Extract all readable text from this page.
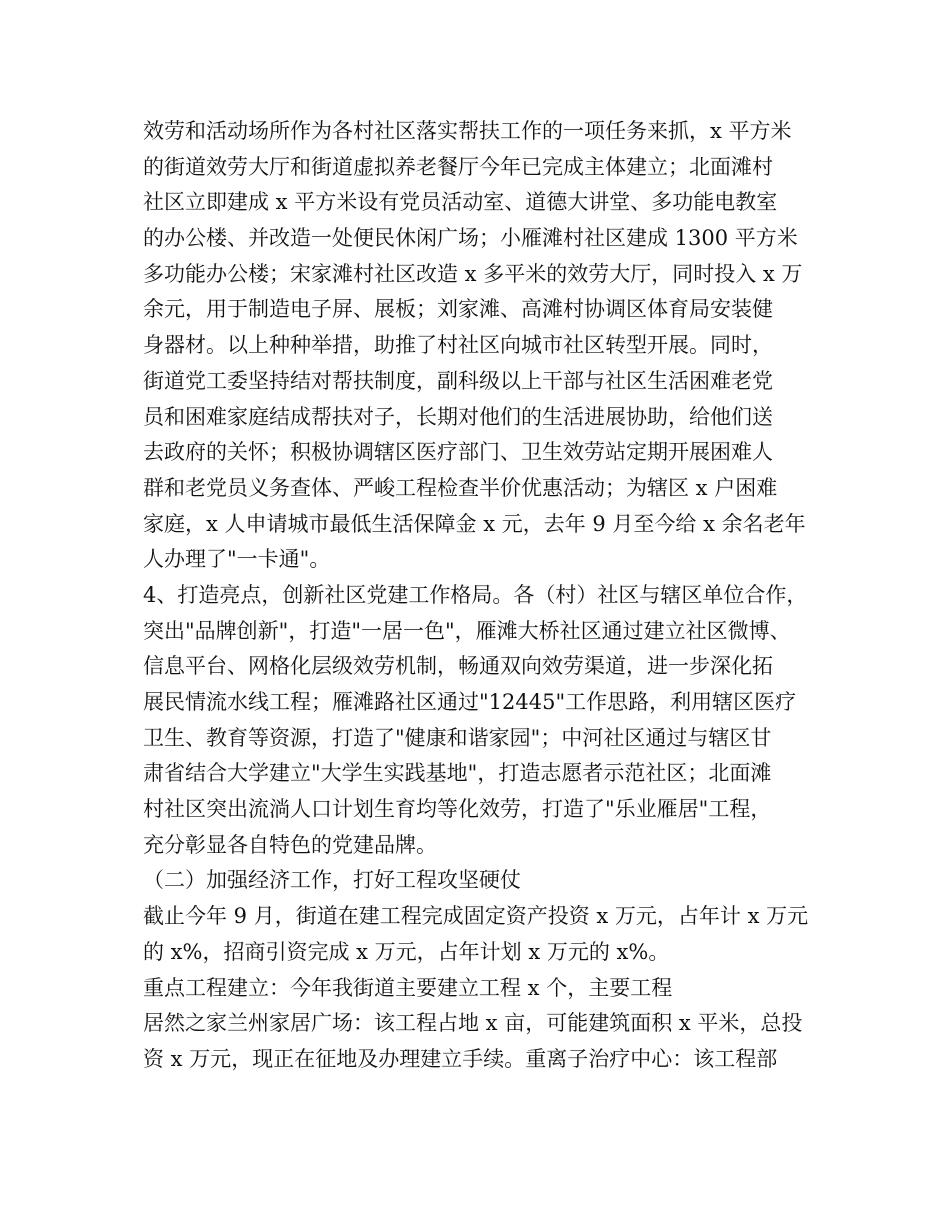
效劳和活动场所作为各村社区落实帮扶工作的一项任务来抓，x 平方米
的街道效劳大厅和街道虚拟养老餐厅今年已完成主体建立；北面滩村
社区立即建成 x 平方米设有党员活动室、道德大讲堂、多功能电教室
的办公楼、并改造一处便民休闲广场；小雁滩村社区建成 1300 平方米
多功能办公楼；宋家滩村社区改造 x 多平米的效劳大厅，同时投入 x 万
余元，用于制造电子屏、展板；刘家滩、高滩村协调区体育局安装健
身器材。以上种种举措，助推了村社区向城市社区转型开展。同时，
街道党工委坚持结对帮扶制度，副科级以上干部与社区生活困难老党
员和困难家庭结成帮扶对子，长期对他们的生活进展协助，给他们送
去政府的关怀；积极协调辖区医疗部门、卫生效劳站定期开展困难人
群和老党员义务查体、严峻工程检查半价优惠活动；为辖区 x 户困难
家庭，x 人申请城市最低生活保障金 x 元，去年 9 月至今给 x 余名老年
人办理了"一卡通"。
4、打造亮点，创新社区党建工作格局。各（村）社区与辖区单位合作，
突出"品牌创新"，打造"一居一色"，雁滩大桥社区通过建立社区微博、
信息平台、网格化层级效劳机制，畅通双向效劳渠道，进一步深化拓
展民情流水线工程；雁滩路社区通过"12445"工作思路，利用辖区医疗
卫生、教育等资源，打造了"健康和谐家园"；中河社区通过与辖区甘
肃省结合大学建立"大学生实践基地"，打造志愿者示范社区；北面滩
村社区突出流淌人口计划生育均等化效劳，打造了"乐业雁居"工程，
充分彰显各自特色的党建品牌。
（二）加强经济工作，打好工程攻坚硬仗
截止今年 9 月，街道在建工程完成固定资产投资 x 万元，占年计 x 万元
的 x%，招商引资完成 x 万元，占年计划 x 万元的 x%。
重点工程建立：今年我街道主要建立工程 x 个，主要工程
居然之家兰州家居广场：该工程占地 x 亩，可能建筑面积 x 平米，总投
资 x 万元，现正在征地及办理建立手续。重离子治疗中心：该工程部
